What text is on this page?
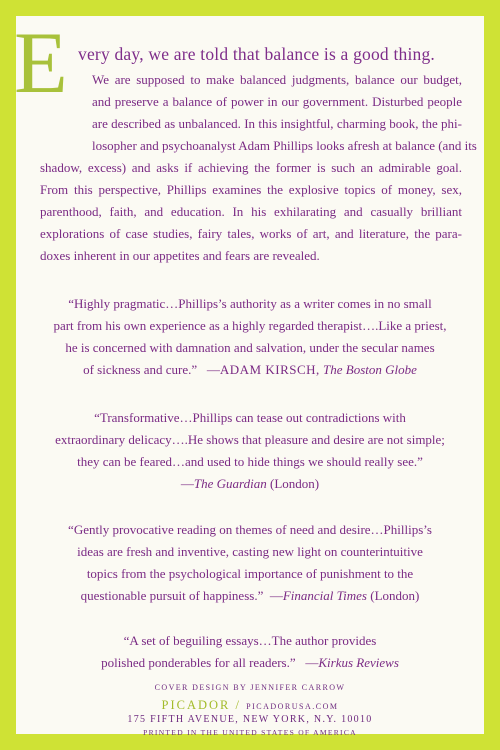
E very day, we are told that balance is a good thing.
We are supposed to make balanced judgments, balance our budget,
and preserve a balance of power in our government. Disturbed people
are described as unbalanced. In this insightful, charming book, the phi-
losopher and psychoanalyst Adam Phillips looks afresh at balance (and its
shadow, excess) and asks if achieving the former is such an admirable goal.
From this perspective, Phillips examines the explosive topics of money, sex,
parenthood, faith, and education. In his exhilarating and casually brilliant
explorations of case studies, fairy tales, works of art, and literature, the para-
doxes inherent in our appetites and fears are revealed.
“Highly pragmatic…Phillips’s authority as a writer comes in no small
part from his own experience as a highly regarded therapist….Like a priest,
he is concerned with damnation and salvation, under the secular names
of sickness and cure.” —ADAM KIRSCH, The Boston Globe
“Transformative…Phillips can tease out contradictions with
extraordinary delicacy….He shows that pleasure and desire are not simple;
they can be feared…and used to hide things we should really see.”
—The Guardian (London)
“Gently provocative reading on themes of need and desire…Phillips’s
ideas are fresh and inventive, casting new light on counterintuitive
topics from the psychological importance of punishment to the
questionable pursuit of happiness.” —Financial Times (London)
“A set of beguiling essays…The author provides
polished ponderables for all readers.” —Kirkus Reviews
COVER DESIGN BY JENNIFER CARROW
PICADOR / PICADORUSA.COM
175 FIFTH AVENUE, NEW YORK, N.Y. 10010
PRINTED IN THE UNITED STATES OF AMERICA
